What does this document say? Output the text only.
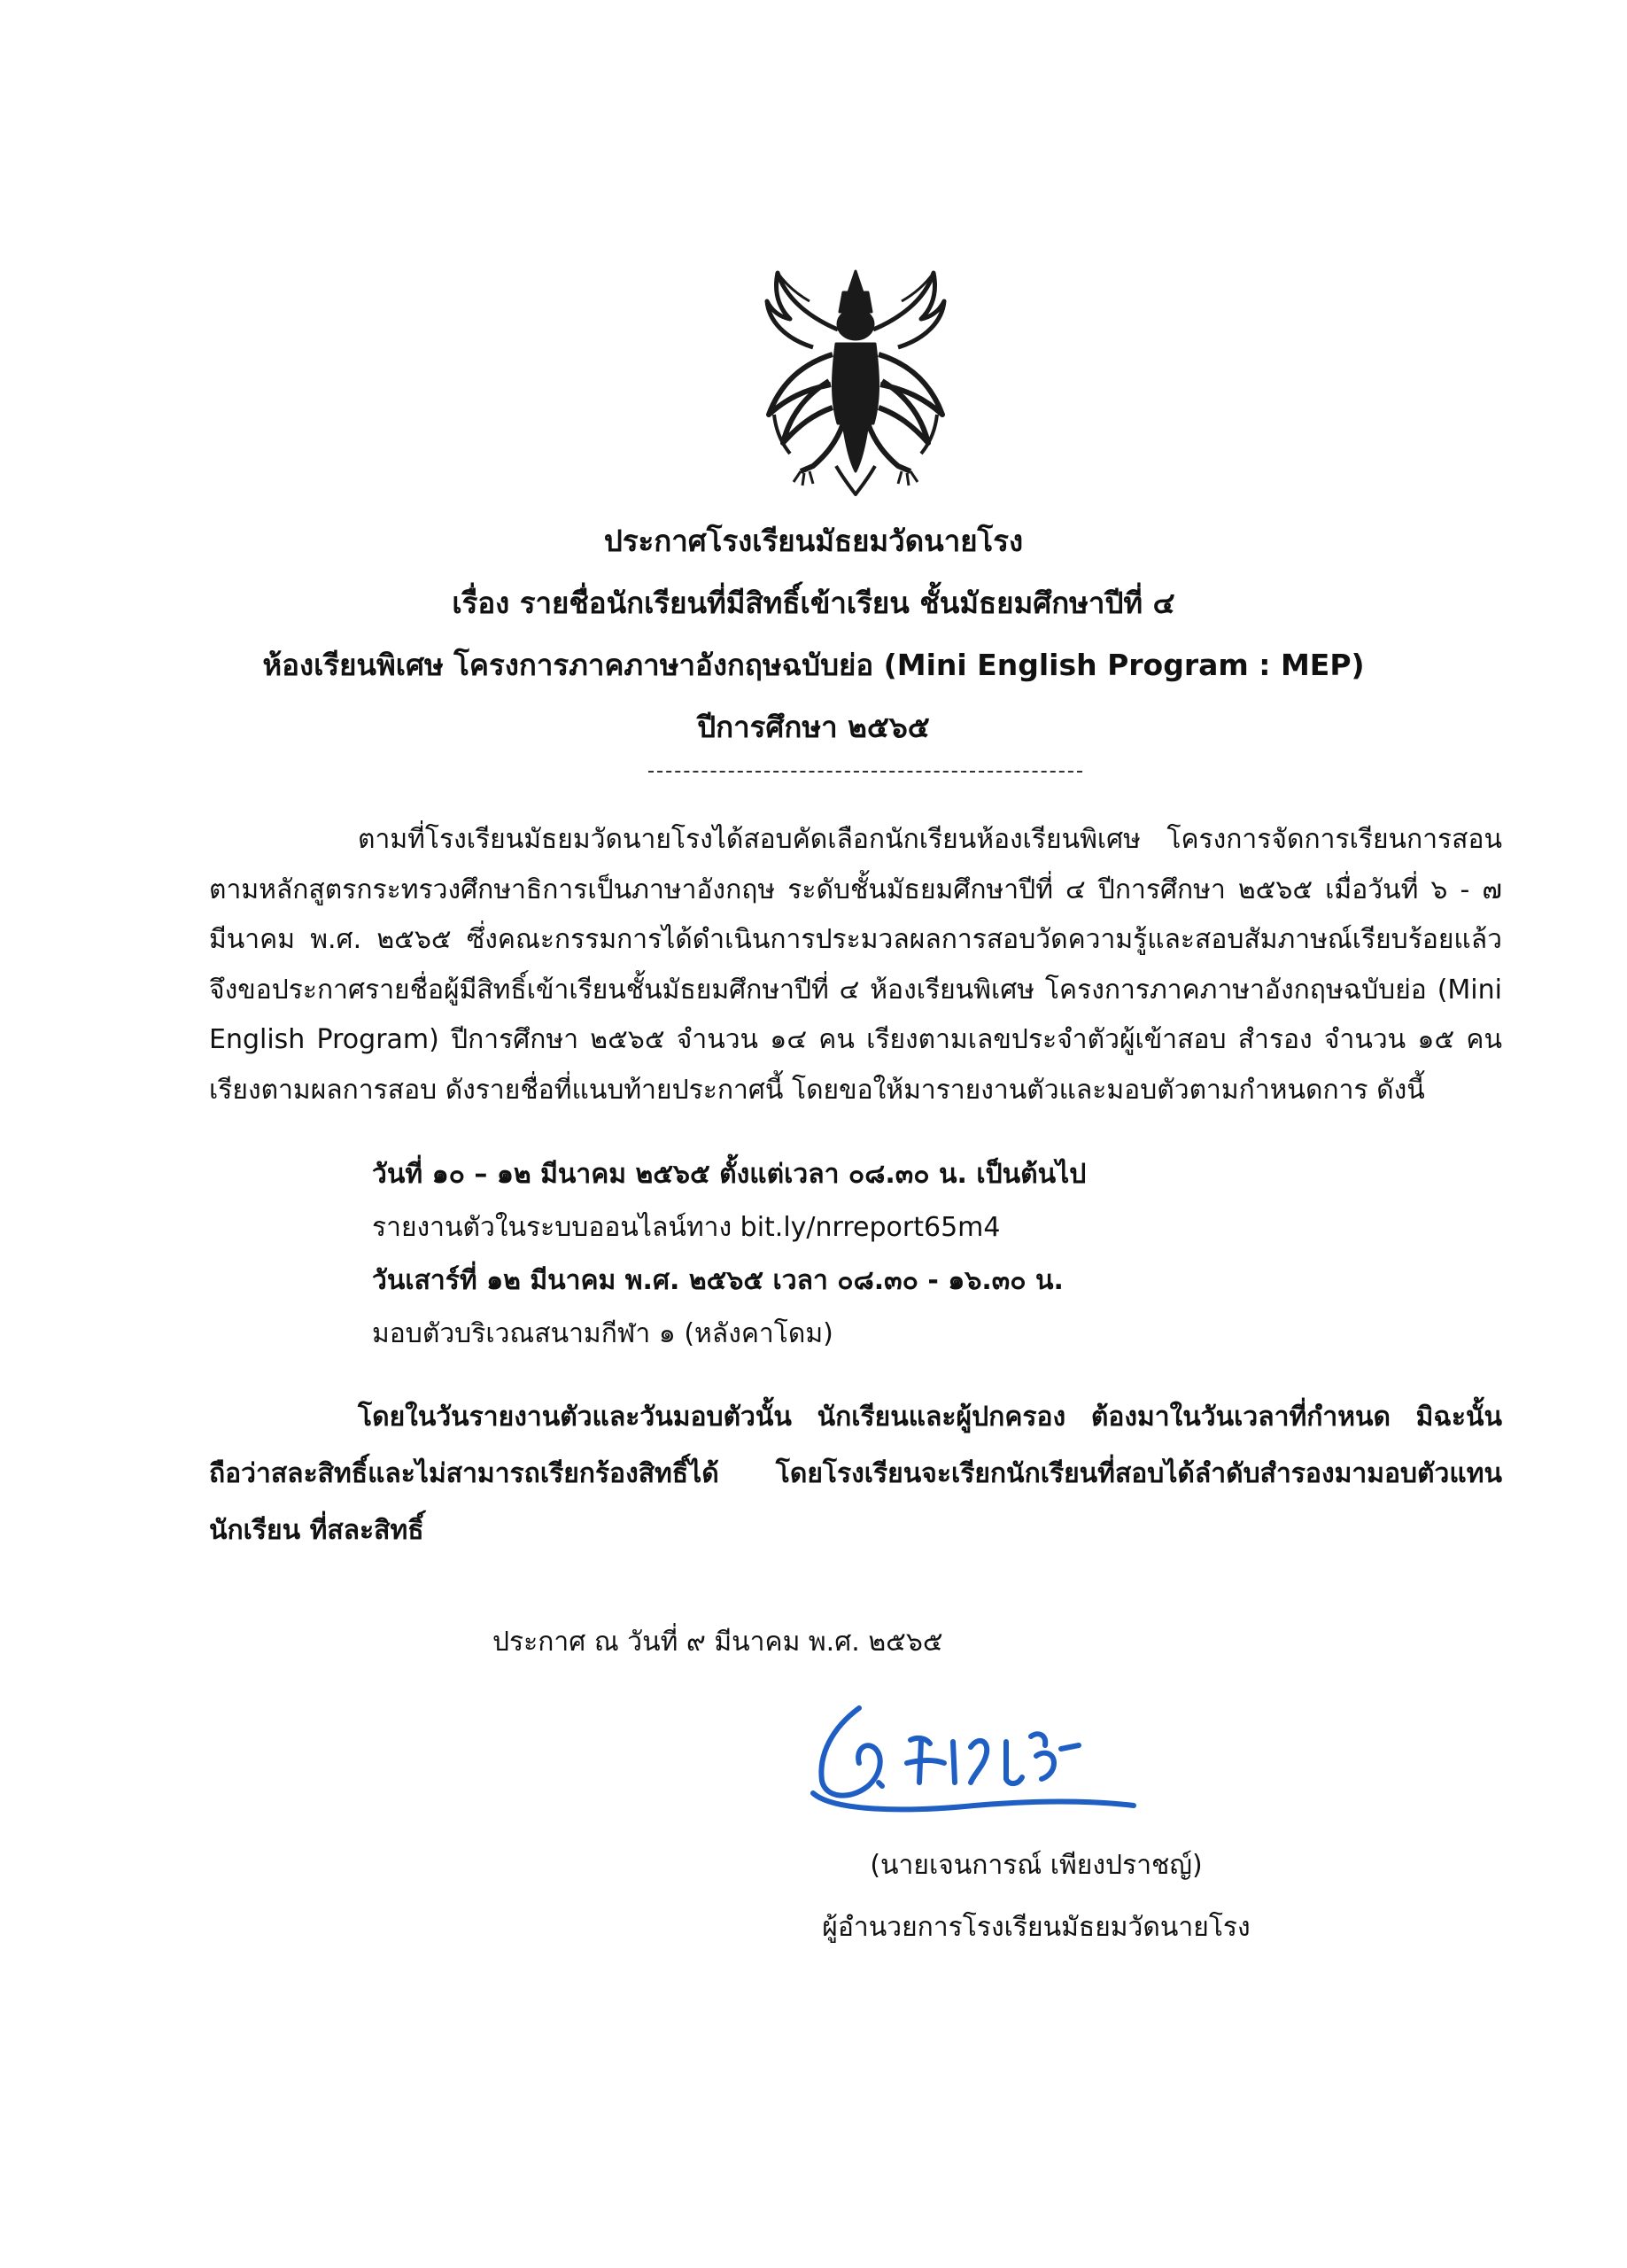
ประกาศโรงเรียนมัธยมวัดนายโรง
เรื่อง รายชื่อนักเรียนที่มีสิทธิ์เข้าเรียน ชั้นมัธยมศึกษาปีที่ ๔
ห้องเรียนพิเศษ โครงการภาคภาษาอังกฤษฉบับย่อ (Mini English Program : MEP)
ปีการศึกษา ๒๕๖๕

ตามที่โรงเรียนมัธยมวัดนายโรงได้สอบคัดเลือกนักเรียนห้องเรียนพิเศษ โครงการจัดการเรียนการสอนตามหลักสูตรกระทรวงศึกษาธิการเป็นภาษาอังกฤษ ระดับชั้นมัธยมศึกษาปีที่ ๔ ปีการศึกษา ๒๕๖๕ เมื่อวันที่ ๖ - ๗ มีนาคม พ.ศ. ๒๕๖๕ ซึ่งคณะกรรมการได้ดำเนินการประมวลผลการสอบวัดความรู้และสอบสัมภาษณ์เรียบร้อยแล้ว จึงขอประกาศรายชื่อผู้มีสิทธิ์เข้าเรียนชั้นมัธยมศึกษาปีที่ ๔ ห้องเรียนพิเศษ โครงการภาคภาษาอังกฤษฉบับย่อ (Mini English Program) ปีการศึกษา ๒๕๖๕ จำนวน ๑๔ คน เรียงตามเลขประจำตัวผู้เข้าสอบ สำรอง จำนวน ๑๕ คน เรียงตามผลการสอบ ดังรายชื่อที่แนบท้ายประกาศนี้ โดยขอให้มารายงานตัวและมอบตัวตามกำหนดการ ดังนี้

วันที่ ๑๐ – ๑๒ มีนาคม ๒๕๖๕ ตั้งแต่เวลา ๐๘.๓๐ น. เป็นต้นไป
รายงานตัวในระบบออนไลน์ทาง bit.ly/nrreport65m4
วันเสาร์ที่ ๑๒ มีนาคม พ.ศ. ๒๕๖๕ เวลา ๐๘.๓๐ - ๑๖.๓๐ น.
มอบตัวบริเวณสนามกีฬา ๑ (หลังคาโดม)

โดยในวันรายงานตัวและวันมอบตัวนั้น นักเรียนและผู้ปกครอง ต้องมาในวันเวลาที่กำหนด มิฉะนั้นถือว่าสละสิทธิ์และไม่สามารถเรียกร้องสิทธิ์ได้ โดยโรงเรียนจะเรียกนักเรียนที่สอบได้ลำดับสำรองมามอบตัวแทนนักเรียน ที่สละสิทธิ์

ประกาศ ณ วันที่ ๙ มีนาคม พ.ศ. ๒๕๖๕
(นายเจนการณ์ เพียงปราชญ์)
ผู้อำนวยการโรงเรียนมัธยมวัดนายโรง
